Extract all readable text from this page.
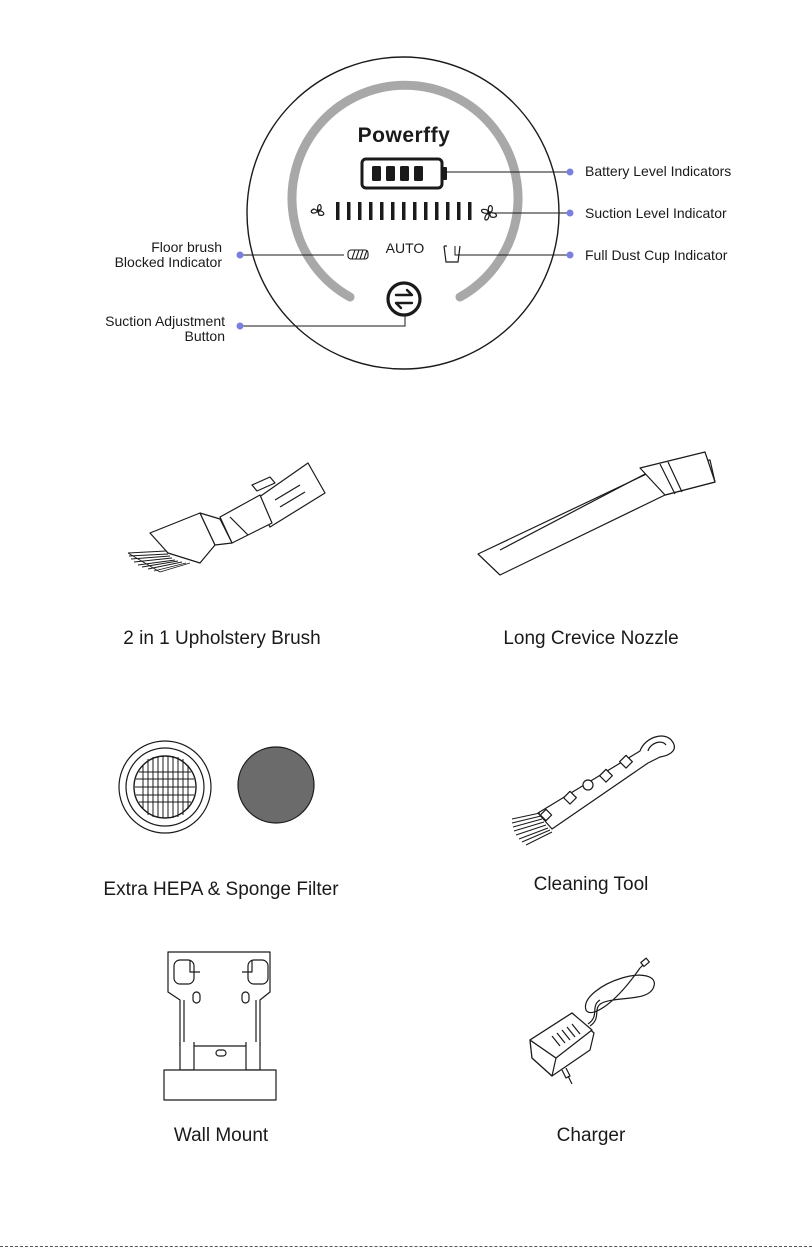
Powerffy
AUTO
Battery Level Indicators
Suction Level Indicator
Full Dust Cup Indicator
Floor brush
Blocked Indicator
Suction Adjustment
Button
2 in 1 Upholstery Brush	Long Crevice Nozzle
Extra HEPA & Sponge Filter	Cleaning Tool
Wall Mount	Charger
